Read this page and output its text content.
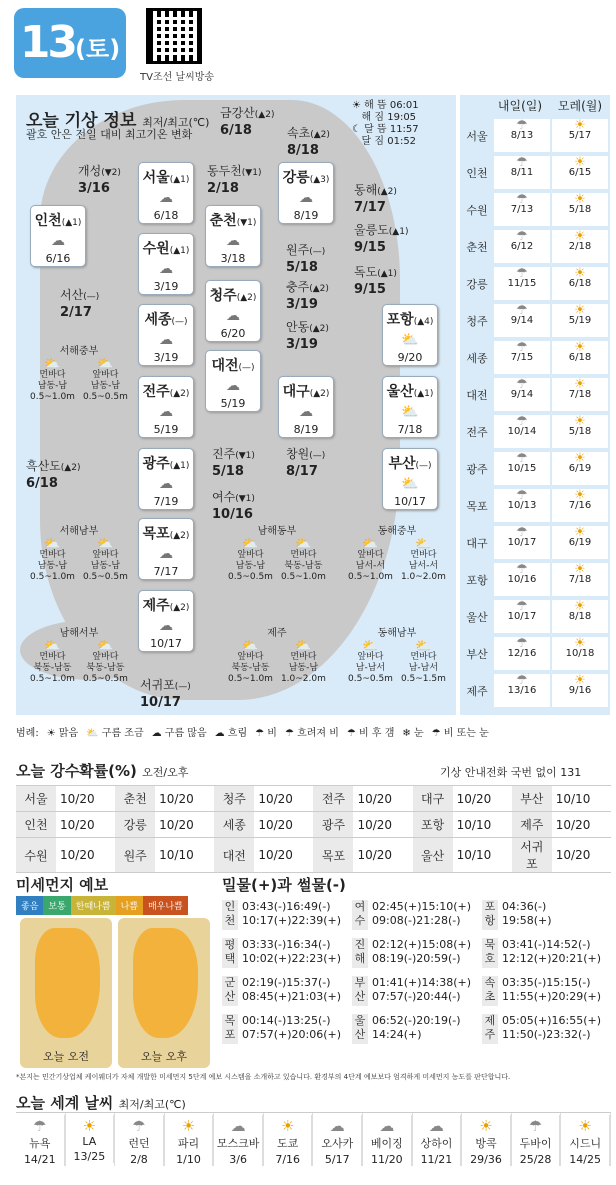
13(토)
TV조선 날씨방송
오늘 기상 정보 최저/최고(℃)
괄호 안은 전일 대비 최고기온 변화
☀ 해 뜸 06:01
해 짐 19:05
☾ 달 뜸 11:57
달 짐 01:52
서울(▲1)
☁
6/18
인천(▲1)
☁
6/16
수원(▲1)
☁
3/19
춘천(▼1)
☁
3/18
강릉(▲3)
☁
8/19
청주(▲2)
☁
6/20
세종(—)
☁
3/19
대전(—)
☁
5/19
전주(▲2)
☁
5/19
대구(▲2)
☁
8/19
포항(▲4)
⛅
9/20
울산(▲1)
⛅
7/18
부산(—)
⛅
10/17
광주(▲1)
☁
7/19
목포(▲2)
☁
7/17
제주(▲2)
☁
10/17
금강산(▲2)
6/18	속초(▲2)
8/18
개성(▼2)
3/16
동두천(▼1)
2/18	동해(▲2)
7/17
울릉도(▲1)
9/15
원주(—)
5/18	독도(▲1)
9/15
서산(—)
2/17
충주(▲2)
3/19
안동(▲2)
3/19
흑산도(▲2)
6/18
진주(▼1)
5/18
창원(—)
8/17
여수(▼1)
10/16
서귀포(—)
10/17
서해중부
⛅
먼바다
남동-남
0.5~1.0m
⛅
앞바다
남동-남
0.5~0.5m
서해남부
⛅
먼바다
남동-남
0.5~1.0m
⛅
앞바다
남동-남
0.5~0.5m
남해동부
⛅
앞바다
남동-남
0.5~0.5m
⛅
먼바다
북동-남동
0.5~1.0m
동해중부
⛅
앞바다
남서-서
0.5~1.0m
⛅
먼바다
남서-서
1.0~2.0m
남해서부
⛅
먼바다
북동-남동
0.5~1.0m
⛅
앞바다
북동-남동
0.5~0.5m
제주
⛅
앞바다
북동-남동
0.5~1.0m
⛅
먼바다
남동-남
1.0~2.0m
동해남부
⛅
앞바다
남-남서
0.5~0.5m
⛅
먼바다
남-남서
0.5~1.5m
내일(일)	모레(월)
서울
☂
8/13
☀
5/17
인천
☂
8/11
☀
6/15
수원
☂
7/13
☀
5/18
춘천
☂
6/12
☀
2/18
강릉
☂
11/15
☀
6/18
청주
☂
9/14
☀
5/19
세종
☂
7/15
☀
6/18
대전
☂
9/14
☀
7/18
전주
☂
10/14
☀
5/18
광주
☂
10/15
☀
6/19
목포
☂
10/13
☀
7/16
대구
☂
10/17
☀
6/19
포항
☂
10/16
☀
7/18
울산
☂
10/17
☀
8/18
부산
☂
12/16
☀
10/18
제주
☂
13/16
☀
9/16
범례: ☀ 맑음 ⛅ 구름 조금 ☁ 구름 많음 ☁ 흐림 ☂ 비 ☂ 흐려져 비 ☂ 비 후 갬 ❄ 눈 ☂ 비 또는 눈
오늘 강수확률(%) 오전/오후	기상 안내전화 국번 없이 131
서울	10/20	춘천	10/20	청주	10/20	전주	10/20	대구	10/20	부산	10/10
인천	10/20	강릉	10/20	세종	10/20	광주	10/20	포항	10/10	제주	10/20
수원	10/20	원주	10/10	대전	10/20	목포	10/20	울산	10/10	서귀포	10/20
미세먼지 예보
좋음	보통	한때나쁨	나쁨	매우나쁨
오늘 오전	오늘 오후
밀물(+)과 썰물(-)
인
천
03:43(-)16:49(-)
10:17(+)22:39(+)
여
수
02:45(+)15:10(+)
09:08(-)21:28(-)
포
항
04:36(-)
19:58(+)
평
택
03:33(-)16:34(-)
10:02(+)22:23(+)
진
해
02:12(+)15:08(+)
08:19(-)20:59(-)
묵
호
03:41(-)14:52(-)
12:12(+)20:21(+)
군
산
02:19(-)15:37(-)
08:45(+)21:03(+)
부
산
01:41(+)14:38(+)
07:57(-)20:44(-)
속
초
03:35(-)15:15(-)
11:55(+)20:29(+)
목
포
00:14(-)13:25(-)
07:57(+)20:06(+)
울
산
06:52(-)20:19(-)
14:24(+)
제
주
05:05(+)16:55(+)
11:50(-)23:32(-)
*본지는 민간기상업체 케이웨더가 자체 개발한 미세먼지 5단계 예보 시스템을 소개하고 있습니다. 환경부의 4단계 예보보다 엄격하게 미세먼지 농도를 판단합니다.
오늘 세계 날씨 최저/최고(℃)
☂
뉴욕
14/21
☀
LA
13/25
☂
런던
2/8
☀
파리
1/10
☁
모스크바
3/6
☀
도쿄
7/16
☁
오사카
5/17
☁
베이징
11/20
☁
상하이
11/21
☀
방콕
29/36
☂
두바이
25/28
☀
시드니
14/25
